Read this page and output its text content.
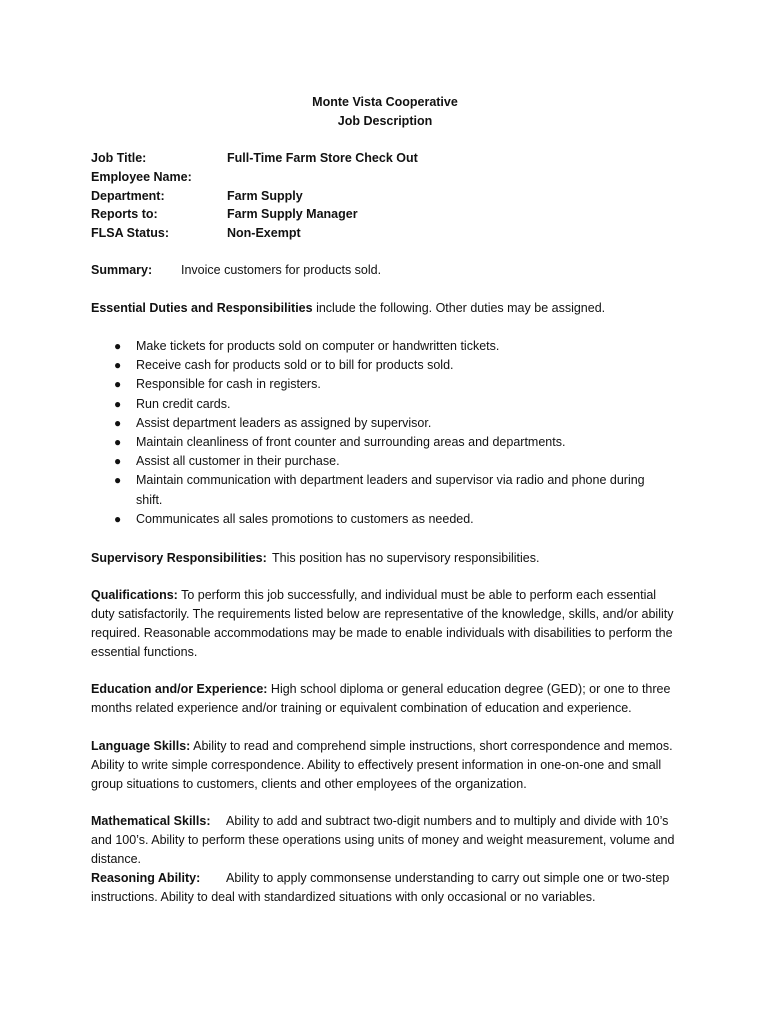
Monte Vista Cooperative
Job Description
Job Title:	Full-Time Farm Store Check Out
Employee Name:
Department:	Farm Supply
Reports to:	Farm Supply Manager
FLSA Status:	Non-Exempt
Summary: Invoice customers for products sold.
Essential Duties and Responsibilities include the following. Other duties may be assigned.
● Make tickets for products sold on computer or handwritten tickets.
● Receive cash for products sold or to bill for products sold.
● Responsible for cash in registers.
● Run credit cards.
● Assist department leaders as assigned by supervisor.
● Maintain cleanliness of front counter and surrounding areas and departments.
● Assist all customer in their purchase.
● Maintain communication with department leaders and supervisor via radio and phone during shift.
● Communicates all sales promotions to customers as needed.
Supervisory Responsibilities: This position has no supervisory responsibilities.
Qualifications: To perform this job successfully, and individual must be able to perform each essential duty satisfactorily. The requirements listed below are representative of the knowledge, skills, and/or ability required. Reasonable accommodations may be made to enable individuals with disabilities to perform the essential functions.
Education and/or Experience: High school diploma or general education degree (GED); or one to three months related experience and/or training or equivalent combination of education and experience.
Language Skills: Ability to read and comprehend simple instructions, short correspondence and memos. Ability to write simple correspondence. Ability to effectively present information in one-on-one and small group situations to customers, clients and other employees of the organization.
Mathematical Skills: Ability to add and subtract two-digit numbers and to multiply and divide with 10’s and 100’s. Ability to perform these operations using units of money and weight measurement, volume and distance.
Reasoning Ability: Ability to apply commonsense understanding to carry out simple one or two-step instructions. Ability to deal with standardized situations with only occasional or no variables.
